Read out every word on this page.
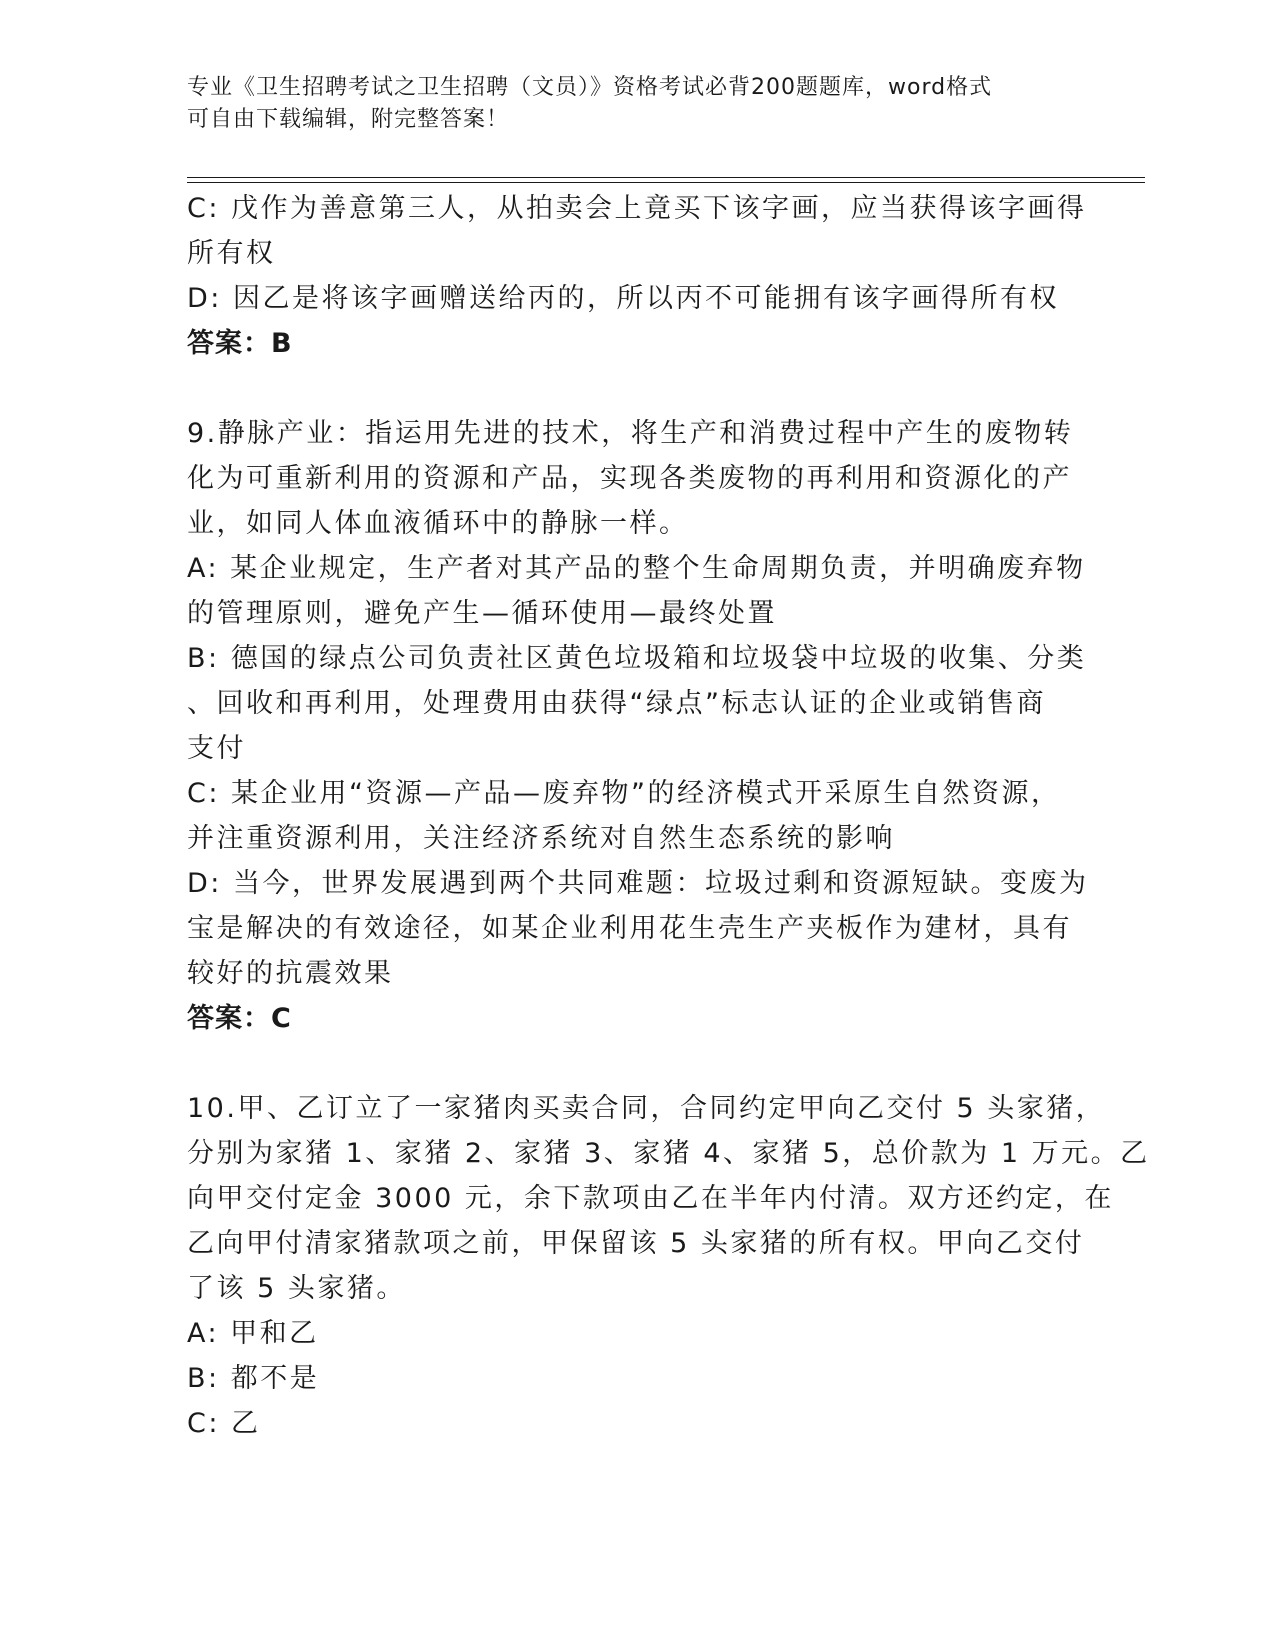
专业《卫生招聘考试之卫生招聘（文员）》资格考试必背200题题库，word格式
可自由下载编辑，附完整答案！
C: 戊作为善意第三人，从拍卖会上竟买下该字画，应当获得该字画得
所有权
D: 因乙是将该字画赠送给丙的，所以丙不可能拥有该字画得所有权
答案：B
9.静脉产业：指运用先进的技术，将生产和消费过程中产生的废物转
化为可重新利用的资源和产品，实现各类废物的再利用和资源化的产
业，如同人体血液循环中的静脉一样。
A: 某企业规定，生产者对其产品的整个生命周期负责，并明确废弃物
的管理原则，避免产生—循环使用—最终处置
B: 德国的绿点公司负责社区黄色垃圾箱和垃圾袋中垃圾的收集、分类
、回收和再利用，处理费用由获得“绿点”标志认证的企业或销售商
支付
C: 某企业用“资源—产品—废弃物”的经济模式开采原生自然资源，
并注重资源利用，关注经济系统对自然生态系统的影响
D: 当今，世界发展遇到两个共同难题：垃圾过剩和资源短缺。变废为
宝是解决的有效途径，如某企业利用花生壳生产夹板作为建材，具有
较好的抗震效果
答案：C
10.甲、乙订立了一家猪肉买卖合同，合同约定甲向乙交付 5 头家猪，
分别为家猪 1、家猪 2、家猪 3、家猪 4、家猪 5，总价款为 1 万元。乙
向甲交付定金 3000 元，余下款项由乙在半年内付清。双方还约定，在
乙向甲付清家猪款项之前，甲保留该 5 头家猪的所有权。甲向乙交付
了该 5 头家猪。
A: 甲和乙
B: 都不是
C: 乙
